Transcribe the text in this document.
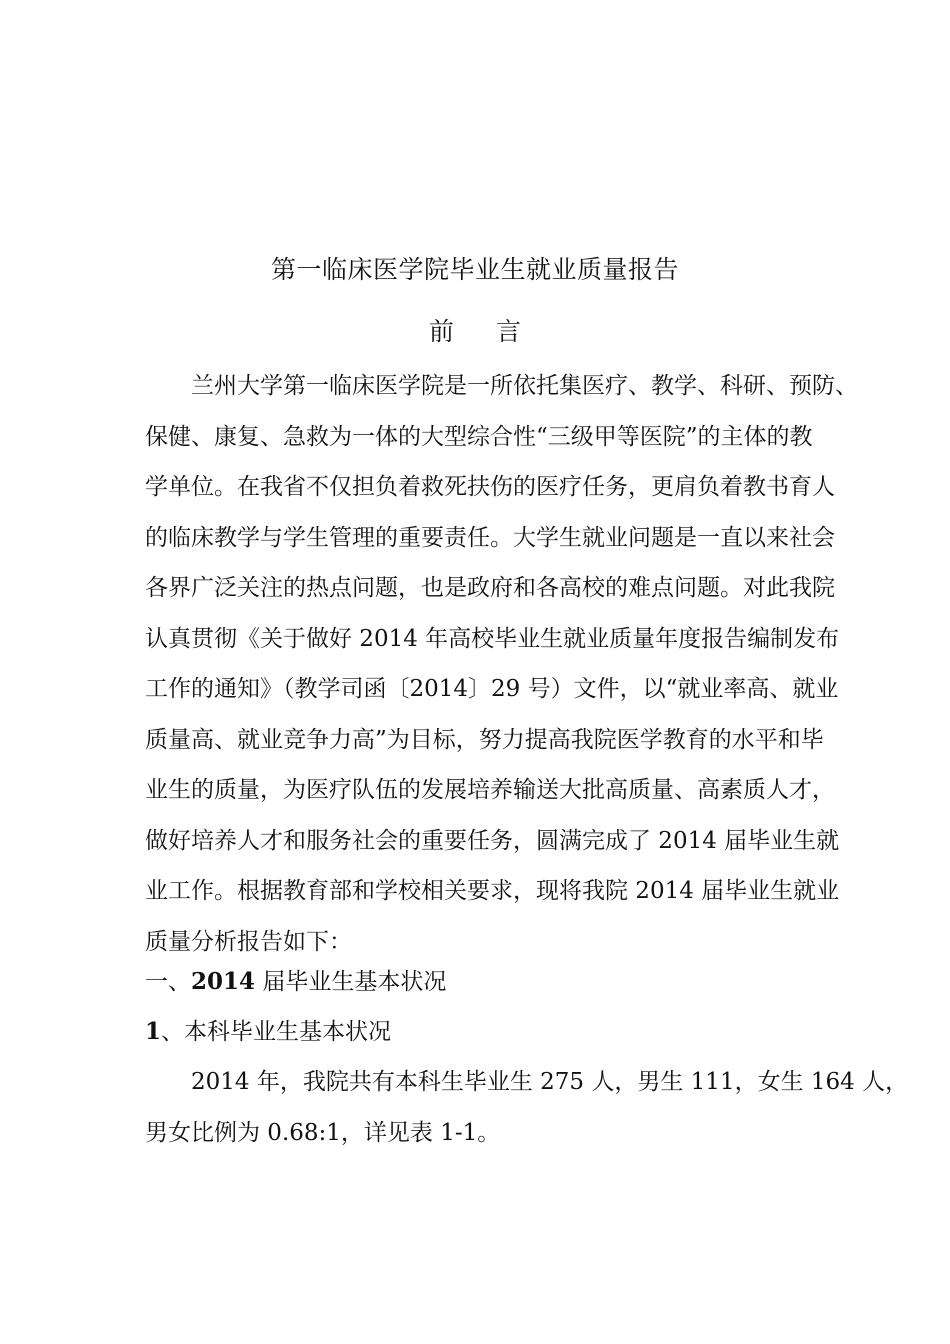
第一临床医学院毕业生就业质量报告
前言
兰州大学第一临床医学院是一所依托集医疗、教学、科研、预防、
保健、康复、急救为一体的大型综合性“三级甲等医院”的主体的教
学单位。在我省不仅担负着救死扶伤的医疗任务，更肩负着教书育人
的临床教学与学生管理的重要责任。大学生就业问题是一直以来社会
各界广泛关注的热点问题，也是政府和各高校的难点问题。对此我院
认真贯彻《关于做好 2014 年高校毕业生就业质量年度报告编制发布
工作的通知》（教学司函〔2014〕29 号）文件，以“就业率高、就业
质量高、就业竞争力高”为目标，努力提高我院医学教育的水平和毕
业生的质量，为医疗队伍的发展培养输送大批高质量、高素质人才，
做好培养人才和服务社会的重要任务，圆满完成了 2014 届毕业生就
业工作。根据教育部和学校相关要求，现将我院 2014 届毕业生就业
质量分析报告如下：
一、2014 届毕业生基本状况
1、本科毕业生基本状况
2014 年，我院共有本科生毕业生 275 人，男生 111，女生 164 人，
男女比例为 0.68:1，详见表 1-1。
